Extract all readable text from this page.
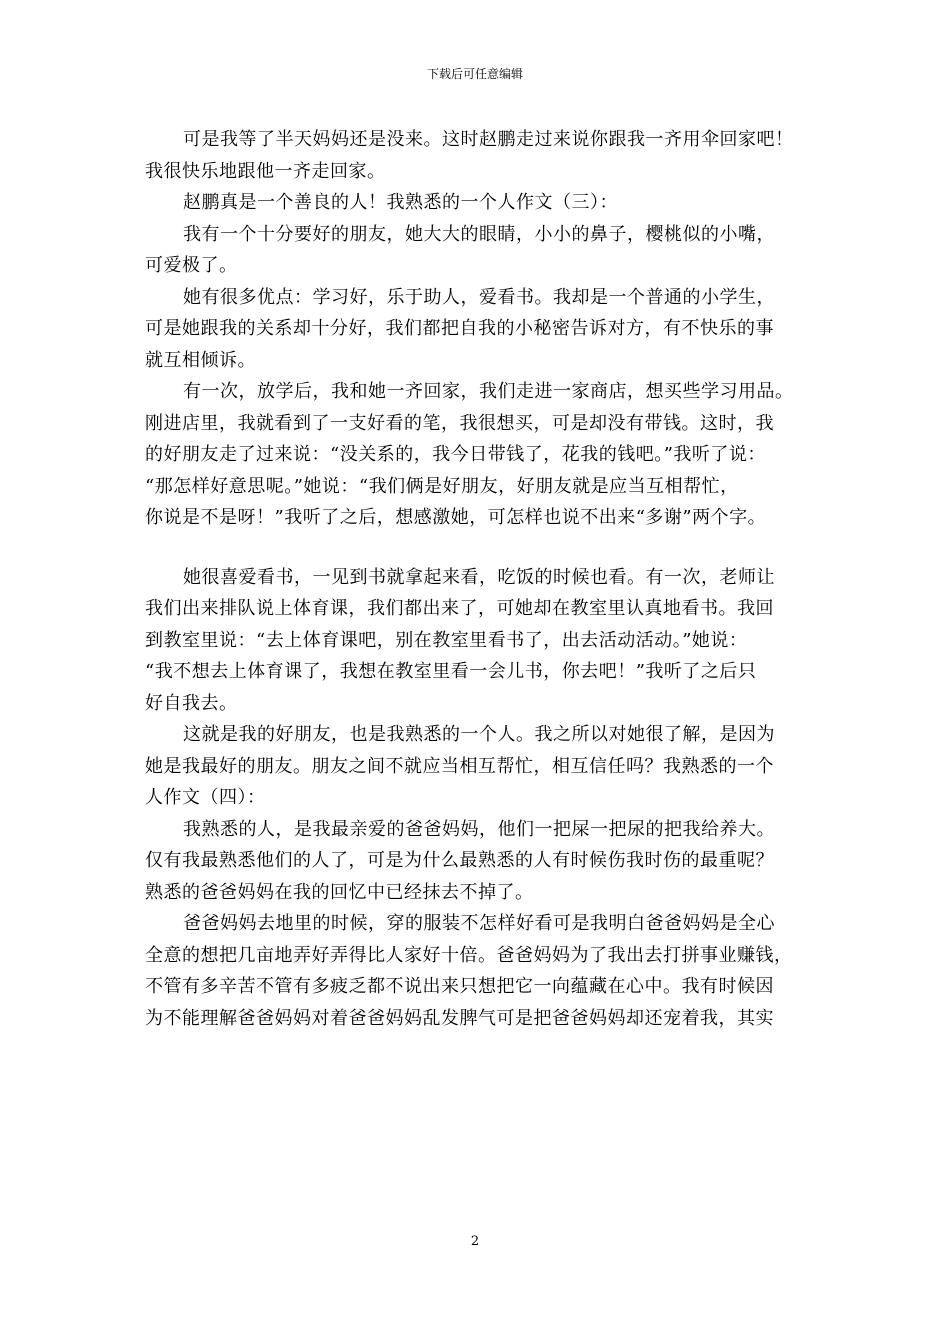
下载后可任意编辑
可是我等了半天妈妈还是没来。这时赵鹏走过来说你跟我一齐用伞回家吧！
我很快乐地跟他一齐走回家。
赵鹏真是一个善良的人！我熟悉的一个人作文（三）：
我有一个十分要好的朋友，她大大的眼睛，小小的鼻子，樱桃似的小嘴，
可爱极了。
她有很多优点：学习好，乐于助人，爱看书。我却是一个普通的小学生，
可是她跟我的关系却十分好，我们都把自我的小秘密告诉对方，有不快乐的事
就互相倾诉。
有一次，放学后，我和她一齐回家，我们走进一家商店，想买些学习用品。
刚进店里，我就看到了一支好看的笔，我很想买，可是却没有带钱。这时，我
的好朋友走了过来说：“没关系的，我今日带钱了，花我的钱吧。”我听了说：
“那怎样好意思呢。”她说：“我们俩是好朋友，好朋友就是应当互相帮忙，
你说是不是呀！”我听了之后，想感激她，可怎样也说不出来“多谢”两个字。
她很喜爱看书，一见到书就拿起来看，吃饭的时候也看。有一次，老师让
我们出来排队说上体育课，我们都出来了，可她却在教室里认真地看书。我回
到教室里说：“去上体育课吧，别在教室里看书了，出去活动活动。”她说：
“我不想去上体育课了，我想在教室里看一会儿书，你去吧！”我听了之后只
好自我去。
这就是我的好朋友，也是我熟悉的一个人。我之所以对她很了解，是因为
她是我最好的朋友。朋友之间不就应当相互帮忙，相互信任吗？我熟悉的一个
人作文（四）：
我熟悉的人，是我最亲爱的爸爸妈妈，他们一把屎一把尿的把我给养大。
仅有我最熟悉他们的人了，可是为什么最熟悉的人有时候伤我时伤的最重呢？
熟悉的爸爸妈妈在我的回忆中已经抹去不掉了。
爸爸妈妈去地里的时候，穿的服装不怎样好看可是我明白爸爸妈妈是全心
全意的想把几亩地弄好弄得比人家好十倍。爸爸妈妈为了我出去打拼事业赚钱，
不管有多辛苦不管有多疲乏都不说出来只想把它一向蕴藏在心中。我有时候因
为不能理解爸爸妈妈对着爸爸妈妈乱发脾气可是把爸爸妈妈却还宠着我，其实
2
